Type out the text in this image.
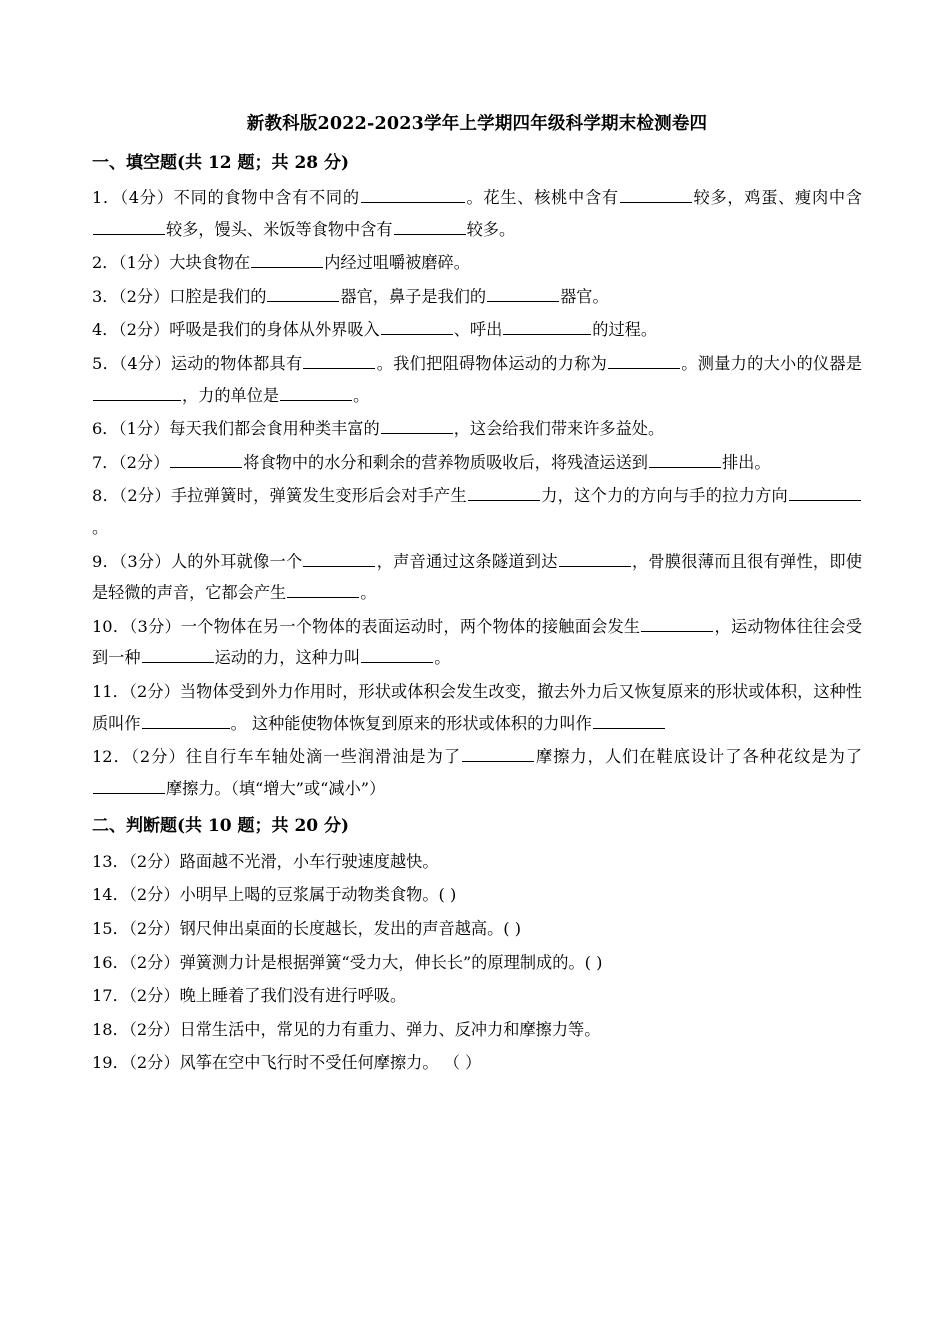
新教科版2022-2023学年上学期四年级科学期末检测卷四
一、填空题(共 12 题；共 28 分)

1．（4分）不同的食物中含有不同的	。花生、核桃中含有	较多，鸡蛋、瘦肉中含较多，馒头、米饭等食物中含有	较多。

2．（1分）大块食物在	内经过咀嚼被磨碎。

3．（2分）口腔是我们的	器官，鼻子是我们的	器官。

4．（2分）呼吸是我们的身体从外界吸入	、呼出	的过程。

5．（4分）运动的物体都具有	。我们把阻碍物体运动的力称为	。测量力的大小的仪器是，力的单位是	。

6．（1分）每天我们都会食用种类丰富的	，这会给我们带来许多益处。

7．（2分）	将食物中的水分和剩余的营养物质吸收后，将残渣运送到	排出。

8．（2分）手拉弹簧时，弹簧发生变形后会对手产生	力，这个力的方向与手的拉力方向。

9．（3分）人的外耳就像一个	，声音通过这条隧道到达	，骨膜很薄而且很有弹性，即使是轻微的声音，它都会产生	。

10．（3分）一个物体在另一个物体的表面运动时，两个物体的接触面会发生	，运动物体往往会受到一种	运动的力，这种力叫	。

11．（2分）当物体受到外力作用时，形状或体积会发生改变，撤去外力后又恢复原来的形状或体积，这种性质叫作	。 这种能使物体恢复到原来的形状或体积的力叫作

12．（2分）往自行车车轴处滴一些润滑油是为了	摩擦力，人们在鞋底设计了各种花纹是为了摩擦力。（填“增大”或“减小”）

二、判断题(共 10 题；共 20 分)

13．（2分）路面越不光滑，小车行驶速度越快。

14．（2分）小明早上喝的豆浆属于动物类食物。( )

15．（2分）钢尺伸出桌面的长度越长，发出的声音越高。( )

16．（2分）弹簧测力计是根据弹簧“受力大，伸长长”的原理制成的。( )

17．（2分）晚上睡着了我们没有进行呼吸。

18．（2分）日常生活中，常见的力有重力、弹力、反冲力和摩擦力等。

19．（2分）风筝在空中飞行时不受任何摩擦力。 （ ）
